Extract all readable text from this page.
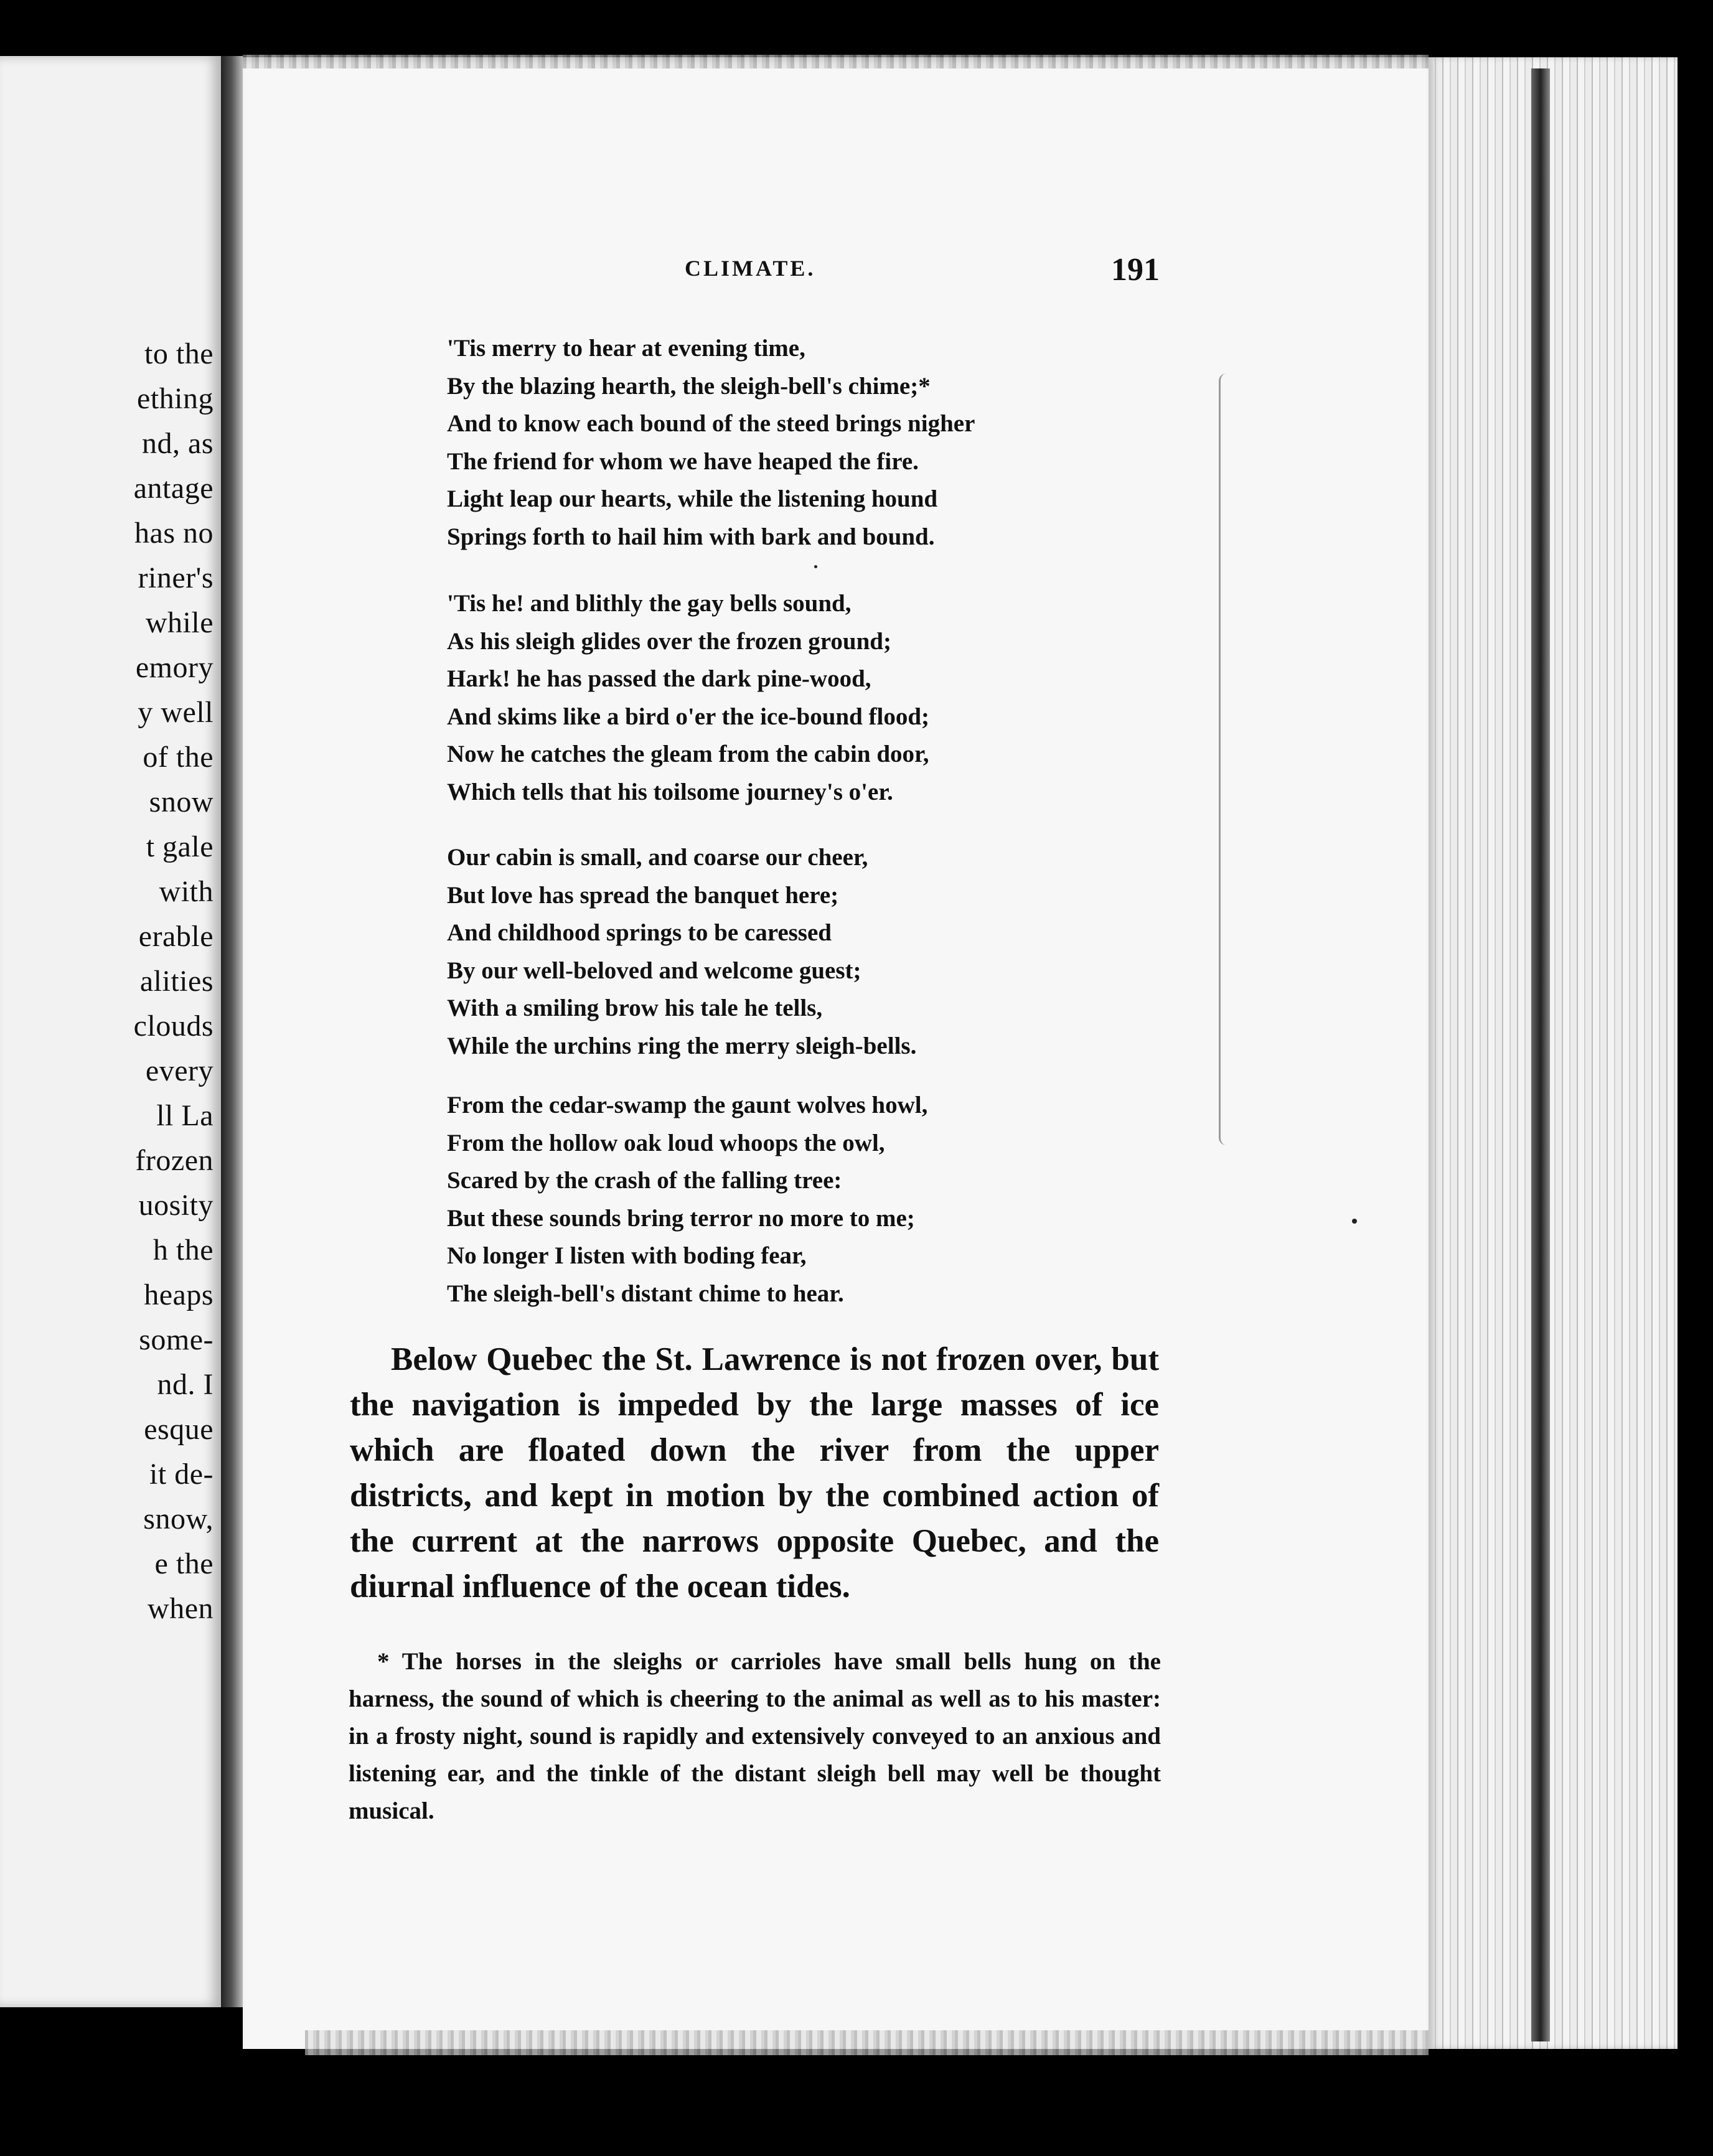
to the
ething
nd, as
antage
has no
riner's
while
emory
y well
of the
snow
t gale
with
erable
alities
clouds
every
ll La
frozen
uosity
h the
heaps
some-
nd. I
esque
it de-
snow,
e the
when
CLIMATE.	191
'Tis merry to hear at evening time,
By the blazing hearth, the sleigh-bell's chime;*
And to know each bound of the steed brings nigher
The friend for whom we have heaped the fire.
Light leap our hearts, while the listening hound
Springs forth to hail him with bark and bound.
'Tis he! and blithly the gay bells sound,
As his sleigh glides over the frozen ground;
Hark! he has passed the dark pine-wood,
And skims like a bird o'er the ice-bound flood;
Now he catches the gleam from the cabin door,
Which tells that his toilsome journey's o'er.
Our cabin is small, and coarse our cheer,
But love has spread the banquet here;
And childhood springs to be caressed
By our well-beloved and welcome guest;
With a smiling brow his tale he tells,
While the urchins ring the merry sleigh-bells.
From the cedar-swamp the gaunt wolves howl,
From the hollow oak loud whoops the owl,
Scared by the crash of the falling tree:
But these sounds bring terror no more to me;
No longer I listen with boding fear,
The sleigh-bell's distant chime to hear.
Below Quebec the St. Lawrence is not frozen over, but the navigation is impeded by the large masses of ice which are floated down the river from the upper districts, and kept in motion by the combined action of the current at the narrows opposite Quebec, and the diurnal influence of the ocean tides.
* The horses in the sleighs or carrioles have small bells hung on the harness, the sound of which is cheering to the animal as well as to his master: in a frosty night, sound is rapidly and extensively conveyed to an anxious and listening ear, and the tinkle of the distant sleigh bell may well be thought musical.
